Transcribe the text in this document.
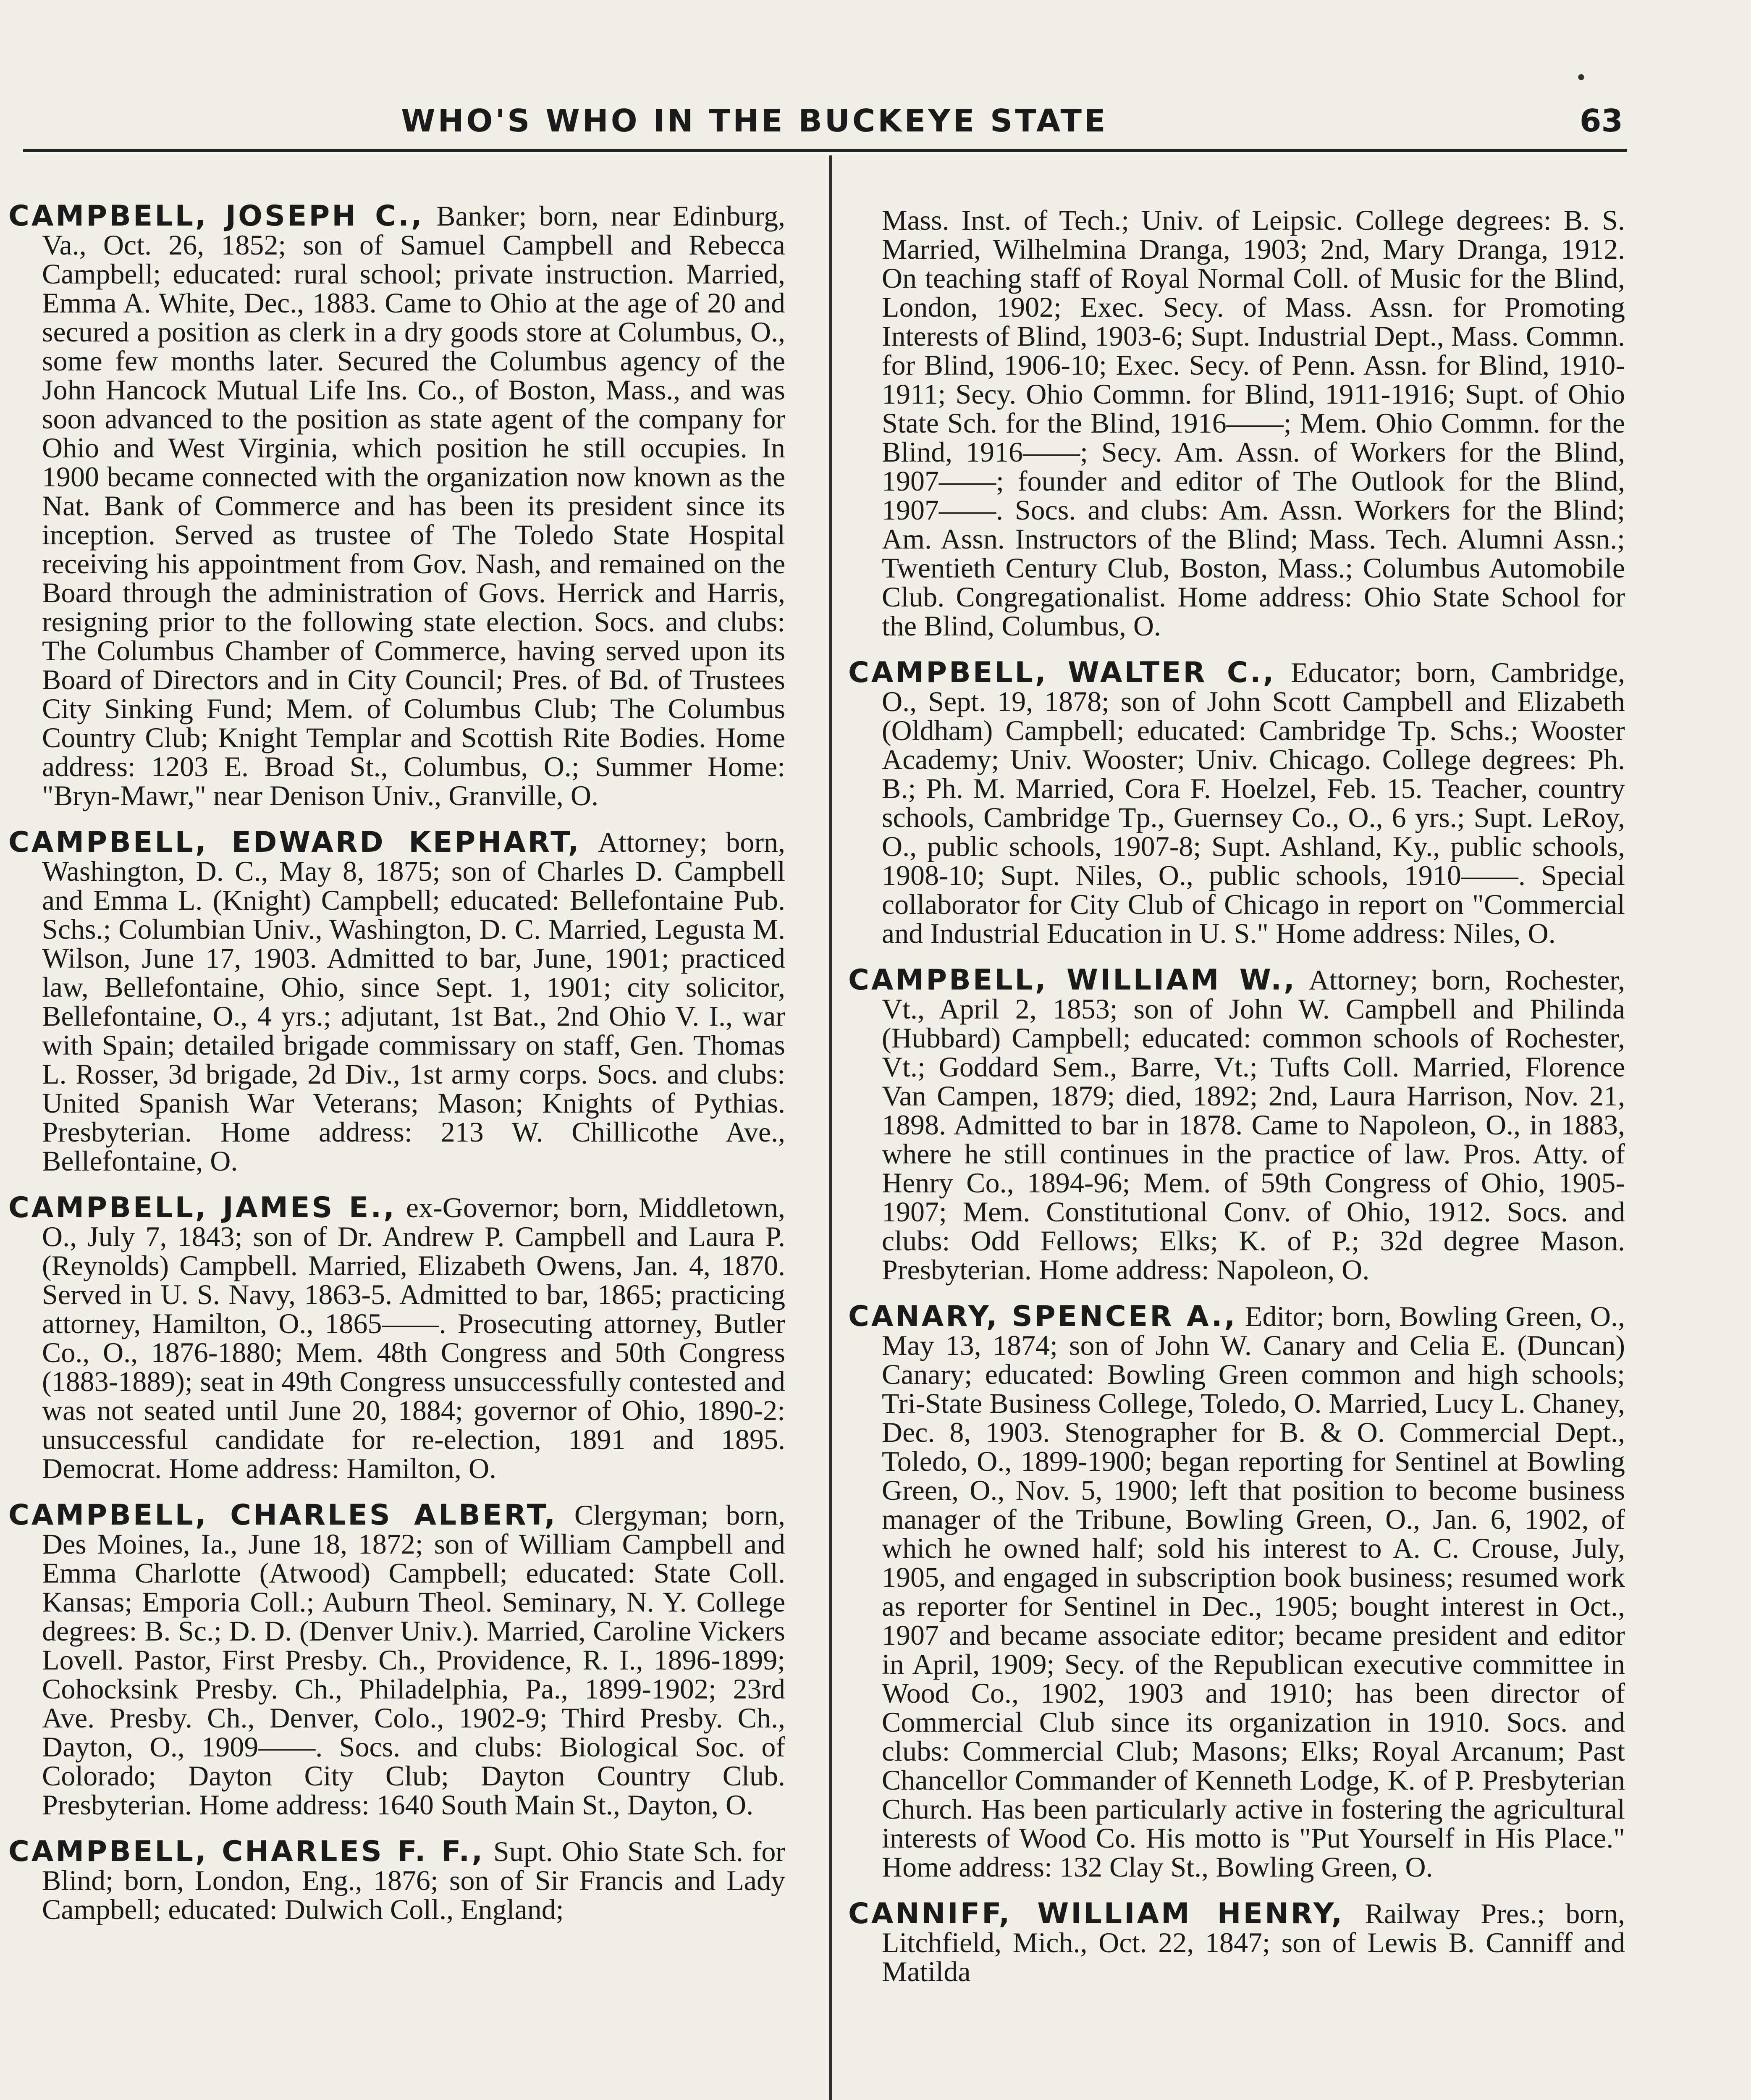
•
WHO'S WHO IN THE BUCKEYE STATE	63

CAMPBELL, JOSEPH C., Banker; born, near Edinburg, Va., Oct. 26, 1852; son of Samuel Campbell and Rebecca Campbell; educated: rural school; private instruction. Married, Emma A. White, Dec., 1883. Came to Ohio at the age of 20 and secured a position as clerk in a dry goods store at Columbus, O., some few months later. Secured the Columbus agency of the John Hancock Mutual Life Ins. Co., of Boston, Mass., and was soon advanced to the position as state agent of the company for Ohio and West Virginia, which position he still occupies. In 1900 became connected with the organization now known as the Nat. Bank of Commerce and has been its president since its inception. Served as trustee of The Toledo State Hospital receiving his appointment from Gov. Nash, and remained on the Board through the administration of Govs. Herrick and Harris, resigning prior to the following state election. Socs. and clubs: The Columbus Chamber of Commerce, having served upon its Board of Directors and in City Council; Pres. of Bd. of Trustees City Sinking Fund; Mem. of Columbus Club; The Columbus Country Club; Knight Templar and Scottish Rite Bodies. Home address: 1203 E. Broad St., Columbus, O.; Summer Home: "Bryn-Mawr," near Denison Univ., Granville, O.

CAMPBELL, EDWARD KEPHART, Attorney; born, Washington, D. C., May 8, 1875; son of Charles D. Campbell and Emma L. (Knight) Campbell; educated: Bellefontaine Pub. Schs.; Columbian Univ., Washington, D. C. Married, Legusta M. Wilson, June 17, 1903. Admitted to bar, June, 1901; practiced law, Bellefontaine, Ohio, since Sept. 1, 1901; city solicitor, Bellefontaine, O., 4 yrs.; adjutant, 1st Bat., 2nd Ohio V. I., war with Spain; detailed brigade commissary on staff, Gen. Thomas L. Rosser, 3d brigade, 2d Div., 1st army corps. Socs. and clubs: United Spanish War Veterans; Mason; Knights of Pythias. Presbyterian. Home address: 213 W. Chillicothe Ave., Bellefontaine, O.

CAMPBELL, JAMES E., ex-Governor; born, Middletown, O., July 7, 1843; son of Dr. Andrew P. Campbell and Laura P. (Reynolds) Campbell. Married, Elizabeth Owens, Jan. 4, 1870. Served in U. S. Navy, 1863-5. Admitted to bar, 1865; practicing attorney, Hamilton, O., 1865——. Prosecuting attorney, Butler Co., O., 1876-1880; Mem. 48th Congress and 50th Congress (1883-1889); seat in 49th Congress unsuccessfully contested and was not seated until June 20, 1884; governor of Ohio, 1890-2: unsuccessful candidate for re-election, 1891 and 1895. Democrat. Home address: Hamilton, O.

CAMPBELL, CHARLES ALBERT, Clergyman; born, Des Moines, Ia., June 18, 1872; son of William Campbell and Emma Charlotte (Atwood) Campbell; educated: State Coll. Kansas; Emporia Coll.; Auburn Theol. Seminary, N. Y. College degrees: B. Sc.; D. D. (Denver Univ.). Married, Caroline Vickers Lovell. Pastor, First Presby. Ch., Providence, R. I., 1896-1899; Cohocksink Presby. Ch., Philadelphia, Pa., 1899-1902; 23rd Ave. Presby. Ch., Denver, Colo., 1902-9; Third Presby. Ch., Dayton, O., 1909——. Socs. and clubs: Biological Soc. of Colorado; Dayton City Club; Dayton Country Club. Presbyterian. Home address: 1640 South Main St., Dayton, O.

CAMPBELL, CHARLES F. F., Supt. Ohio State Sch. for Blind; born, London, Eng., 1876; son of Sir Francis and Lady Campbell; educated: Dulwich Coll., England;

Mass. Inst. of Tech.; Univ. of Leipsic. College degrees: B. S. Married, Wilhelmina Dranga, 1903; 2nd, Mary Dranga, 1912. On teaching staff of Royal Normal Coll. of Music for the Blind, London, 1902; Exec. Secy. of Mass. Assn. for Promoting Interests of Blind, 1903-6; Supt. Industrial Dept., Mass. Commn. for Blind, 1906-10; Exec. Secy. of Penn. Assn. for Blind, 1910-1911; Secy. Ohio Commn. for Blind, 1911-1916; Supt. of Ohio State Sch. for the Blind, 1916——; Mem. Ohio Commn. for the Blind, 1916——; Secy. Am. Assn. of Workers for the Blind, 1907——; founder and editor of The Outlook for the Blind, 1907——. Socs. and clubs: Am. Assn. Workers for the Blind; Am. Assn. Instructors of the Blind; Mass. Tech. Alumni Assn.; Twentieth Century Club, Boston, Mass.; Columbus Automobile Club. Congregationalist. Home address: Ohio State School for the Blind, Columbus, O.

CAMPBELL, WALTER C., Educator; born, Cambridge, O., Sept. 19, 1878; son of John Scott Campbell and Elizabeth (Oldham) Campbell; educated: Cambridge Tp. Schs.; Wooster Academy; Univ. Wooster; Univ. Chicago. College degrees: Ph. B.; Ph. M. Married, Cora F. Hoelzel, Feb. 15. Teacher, country schools, Cambridge Tp., Guernsey Co., O., 6 yrs.; Supt. LeRoy, O., public schools, 1907-8; Supt. Ashland, Ky., public schools, 1908-10; Supt. Niles, O., public schools, 1910——. Special collaborator for City Club of Chicago in report on "Commercial and Industrial Education in U. S." Home address: Niles, O.

CAMPBELL, WILLIAM W., Attorney; born, Rochester, Vt., April 2, 1853; son of John W. Campbell and Philinda (Hubbard) Campbell; educated: common schools of Rochester, Vt.; Goddard Sem., Barre, Vt.; Tufts Coll. Married, Florence Van Campen, 1879; died, 1892; 2nd, Laura Harrison, Nov. 21, 1898. Admitted to bar in 1878. Came to Napoleon, O., in 1883, where he still continues in the practice of law. Pros. Atty. of Henry Co., 1894-96; Mem. of 59th Congress of Ohio, 1905-1907; Mem. Constitutional Conv. of Ohio, 1912. Socs. and clubs: Odd Fellows; Elks; K. of P.; 32d degree Mason. Presbyterian. Home address: Napoleon, O.

CANARY, SPENCER A., Editor; born, Bowling Green, O., May 13, 1874; son of John W. Canary and Celia E. (Duncan) Canary; educated: Bowling Green common and high schools; Tri-State Business College, Toledo, O. Married, Lucy L. Chaney, Dec. 8, 1903. Stenographer for B. & O. Commercial Dept., Toledo, O., 1899-1900; began reporting for Sentinel at Bowling Green, O., Nov. 5, 1900; left that position to become business manager of the Tribune, Bowling Green, O., Jan. 6, 1902, of which he owned half; sold his interest to A. C. Crouse, July, 1905, and engaged in subscription book business; resumed work as reporter for Sentinel in Dec., 1905; bought interest in Oct., 1907 and became associate editor; became president and editor in April, 1909; Secy. of the Republican executive committee in Wood Co., 1902, 1903 and 1910; has been director of Commercial Club since its organization in 1910. Socs. and clubs: Commercial Club; Masons; Elks; Royal Arcanum; Past Chancellor Commander of Kenneth Lodge, K. of P. Presbyterian Church. Has been particularly active in fostering the agricultural interests of Wood Co. His motto is "Put Yourself in His Place." Home address: 132 Clay St., Bowling Green, O.

CANNIFF, WILLIAM HENRY, Railway Pres.; born, Litchfield, Mich., Oct. 22, 1847; son of Lewis B. Canniff and Matilda
